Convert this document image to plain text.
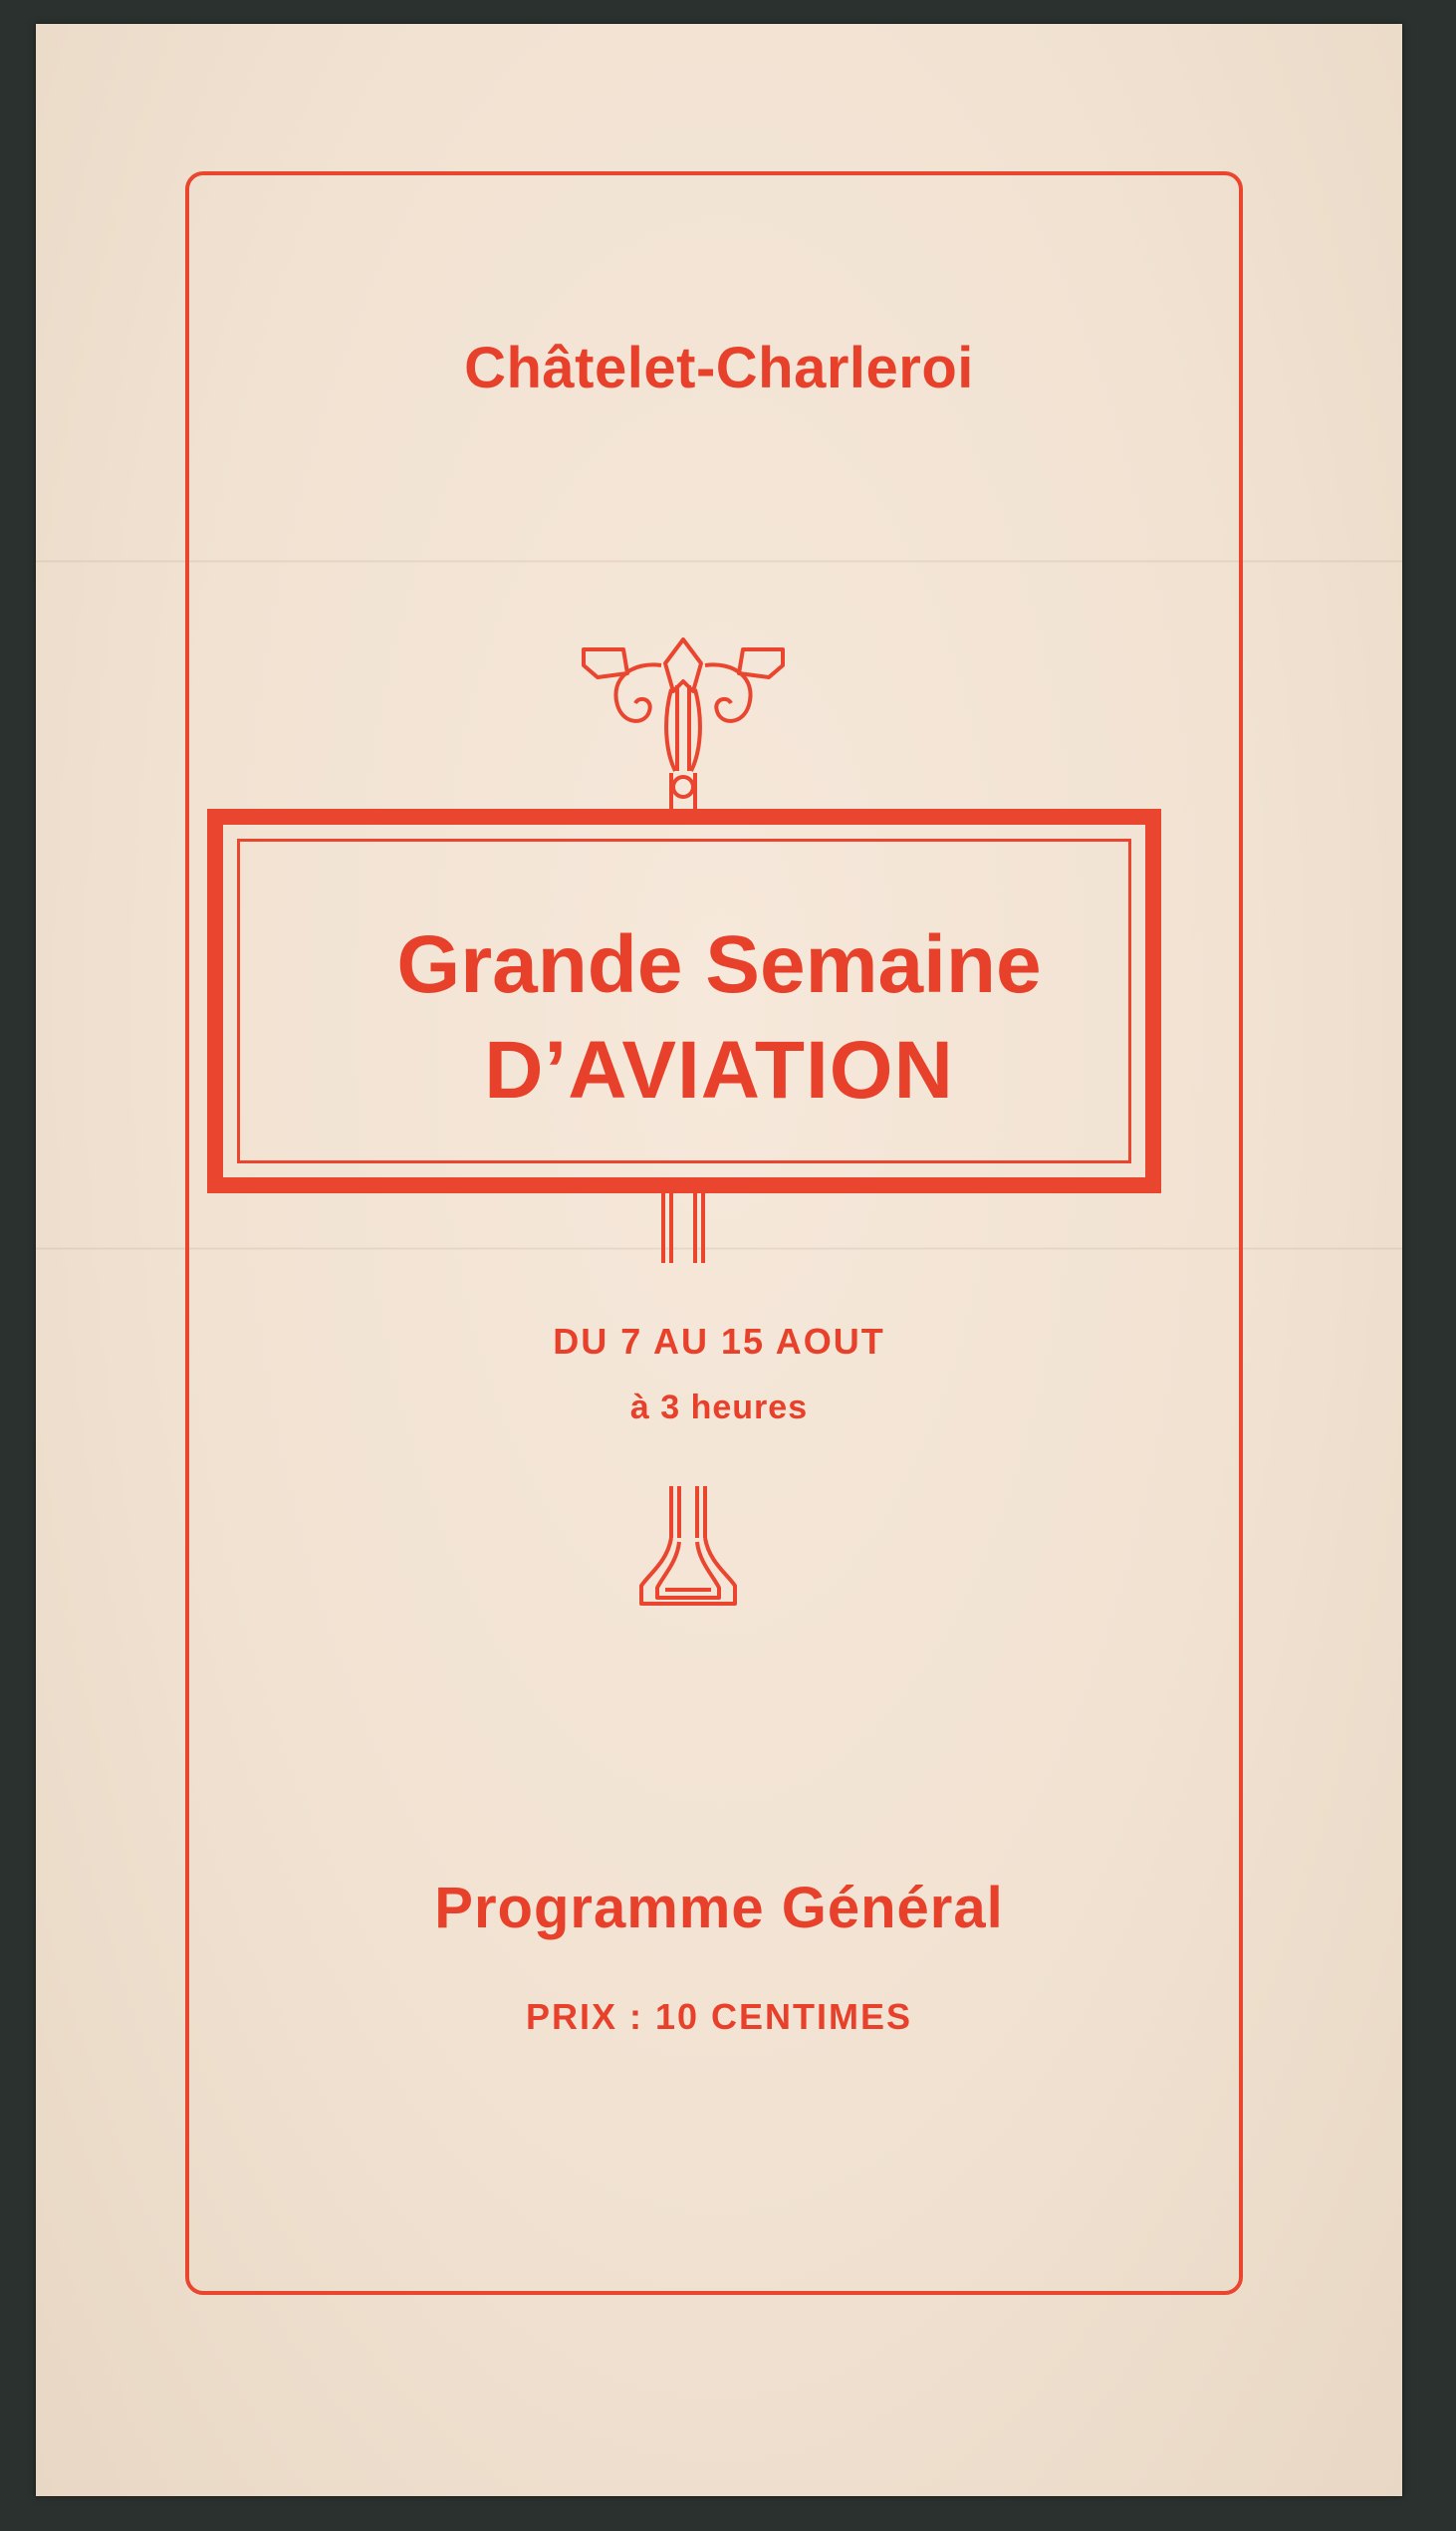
Châtelet-Charleroi
Grande Semaine
D’AVIATION
DU 7 AU 15 AOUT
à 3 heures
Programme Général
PRIX : 10 CENTIMES
